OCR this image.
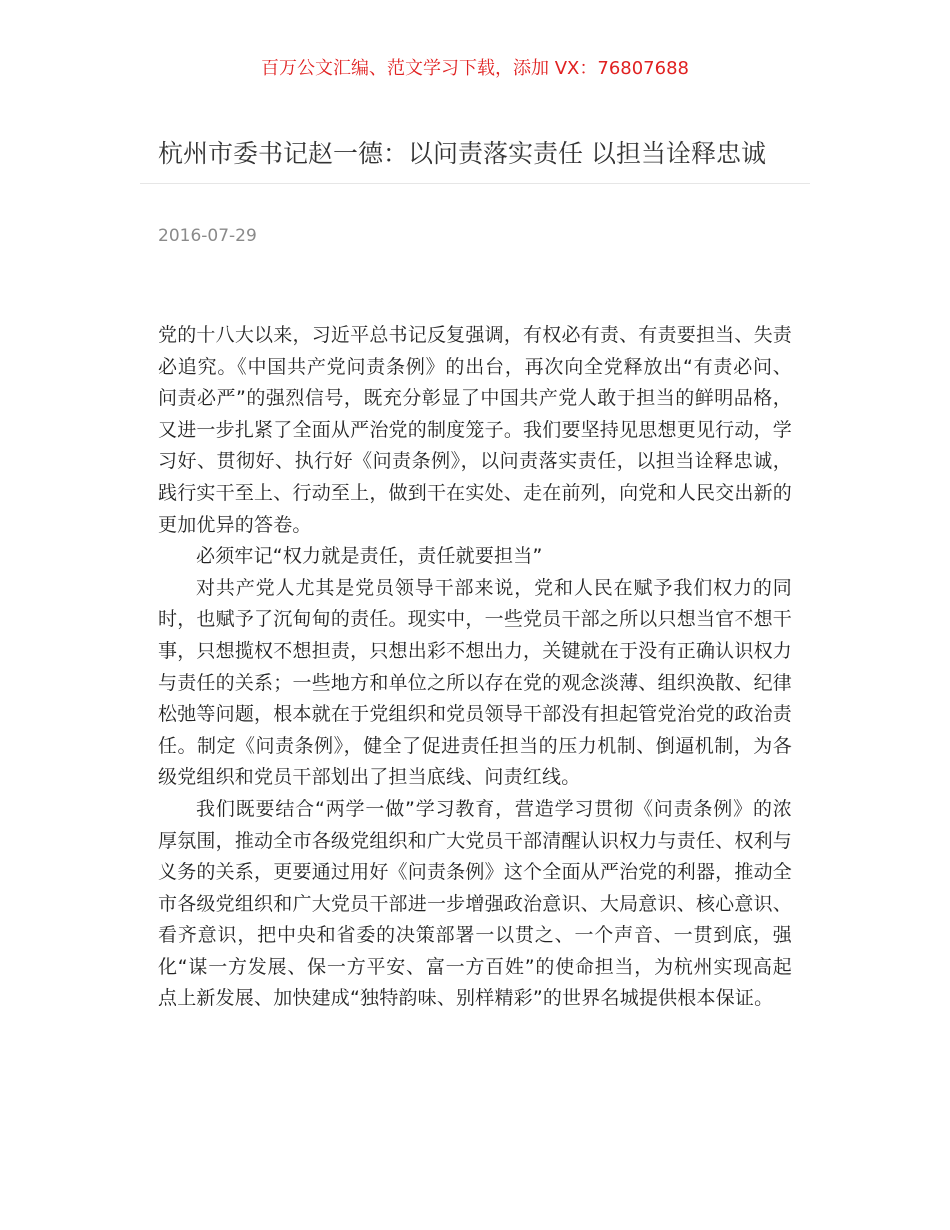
百万公文汇编、范文学习下载，添加 VX：76807688
杭州市委书记赵一德：以问责落实责任 以担当诠释忠诚
2016-07-29

党的十八大以来，习近平总书记反复强调，有权必有责、有责要担当、失责必追究。《中国共产党问责条例》的出台，再次向全党释放出“有责必问、问责必严”的强烈信号，既充分彰显了中国共产党人敢于担当的鲜明品格，又进一步扎紧了全面从严治党的制度笼子。我们要坚持见思想更见行动，学习好、贯彻好、执行好《问责条例》，以问责落实责任，以担当诠释忠诚，践行实干至上、行动至上，做到干在实处、走在前列，向党和人民交出新的更加优异的答卷。

必须牢记“权力就是责任，责任就要担当”

对共产党人尤其是党员领导干部来说，党和人民在赋予我们权力的同时，也赋予了沉甸甸的责任。现实中，一些党员干部之所以只想当官不想干事，只想揽权不想担责，只想出彩不想出力，关键就在于没有正确认识权力与责任的关系；一些地方和单位之所以存在党的观念淡薄、组织涣散、纪律松弛等问题，根本就在于党组织和党员领导干部没有担起管党治党的政治责任。制定《问责条例》，健全了促进责任担当的压力机制、倒逼机制，为各级党组织和党员干部划出了担当底线、问责红线。

我们既要结合“两学一做”学习教育，营造学习贯彻《问责条例》的浓厚氛围，推动全市各级党组织和广大党员干部清醒认识权力与责任、权利与义务的关系，更要通过用好《问责条例》这个全面从严治党的利器，推动全市各级党组织和广大党员干部进一步增强政治意识、大局意识、核心意识、看齐意识，把中央和省委的决策部署一以贯之、一个声音、一贯到底，强化“谋一方发展、保一方平安、富一方百姓”的使命担当，为杭州实现高起点上新发展、加快建成“独特韵味、别样精彩”的世界名城提供根本保证。
